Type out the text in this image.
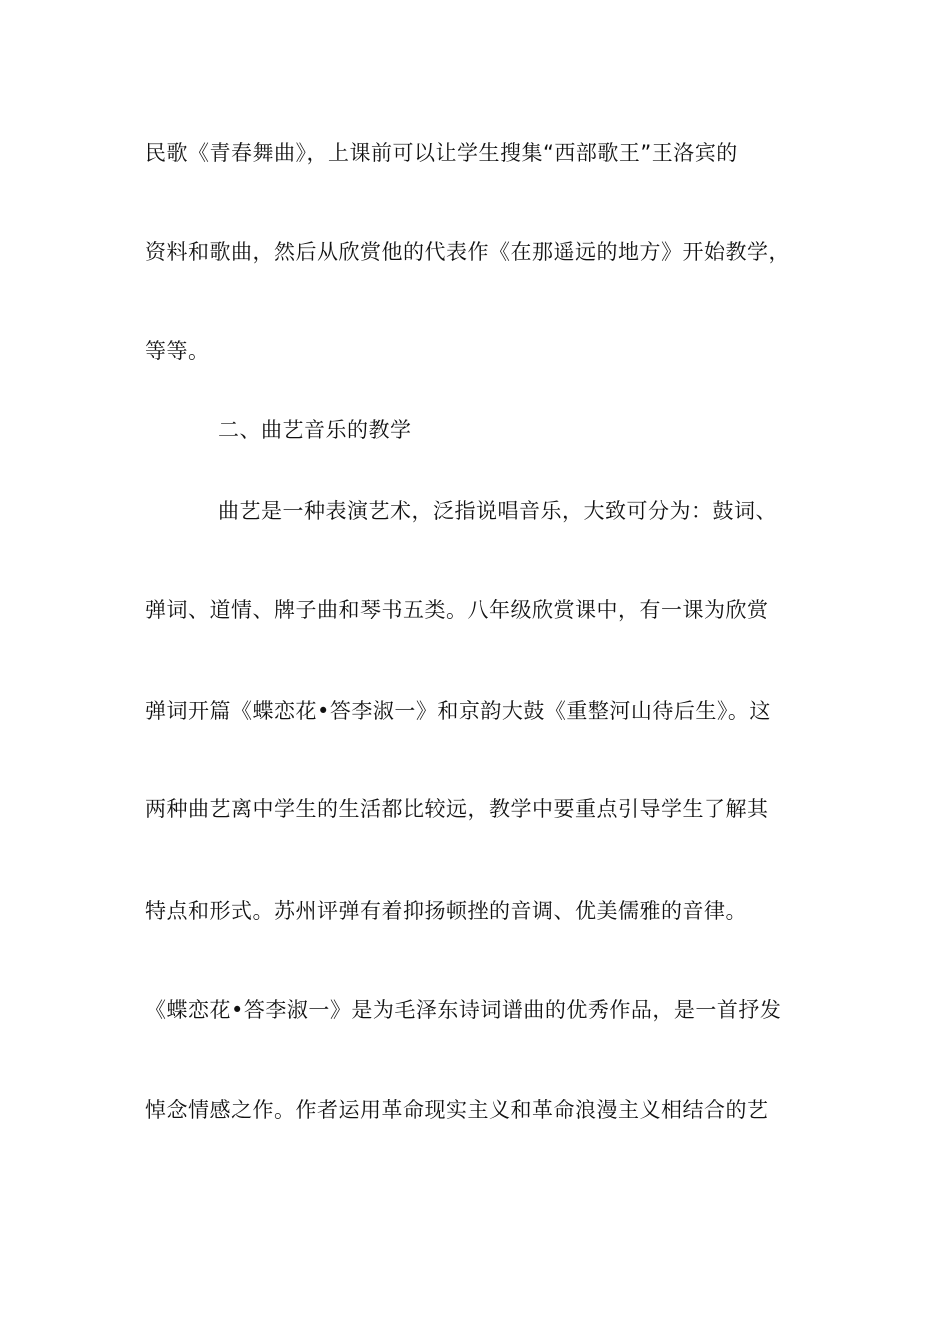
民歌《青春舞曲》，上课前可以让学生搜集“西部歌王”王洛宾的

资料和歌曲，然后从欣赏他的代表作《在那遥远的地方》开始教学，

等等。

二、曲艺音乐的教学

曲艺是一种表演艺术，泛指说唱音乐，大致可分为：鼓词、

弹词、道情、牌子曲和琴书五类。八年级欣赏课中，有一课为欣赏

弹词开篇《蝶恋花•答李淑一》和京韵大鼓《重整河山待后生》。这

两种曲艺离中学生的生活都比较远，教学中要重点引导学生了解其

特点和形式。苏州评弹有着抑扬顿挫的音调、优美儒雅的音律。

《蝶恋花•答李淑一》是为毛泽东诗词谱曲的优秀作品，是一首抒发

悼念情感之作。作者运用革命现实主义和革命浪漫主义相结合的艺
